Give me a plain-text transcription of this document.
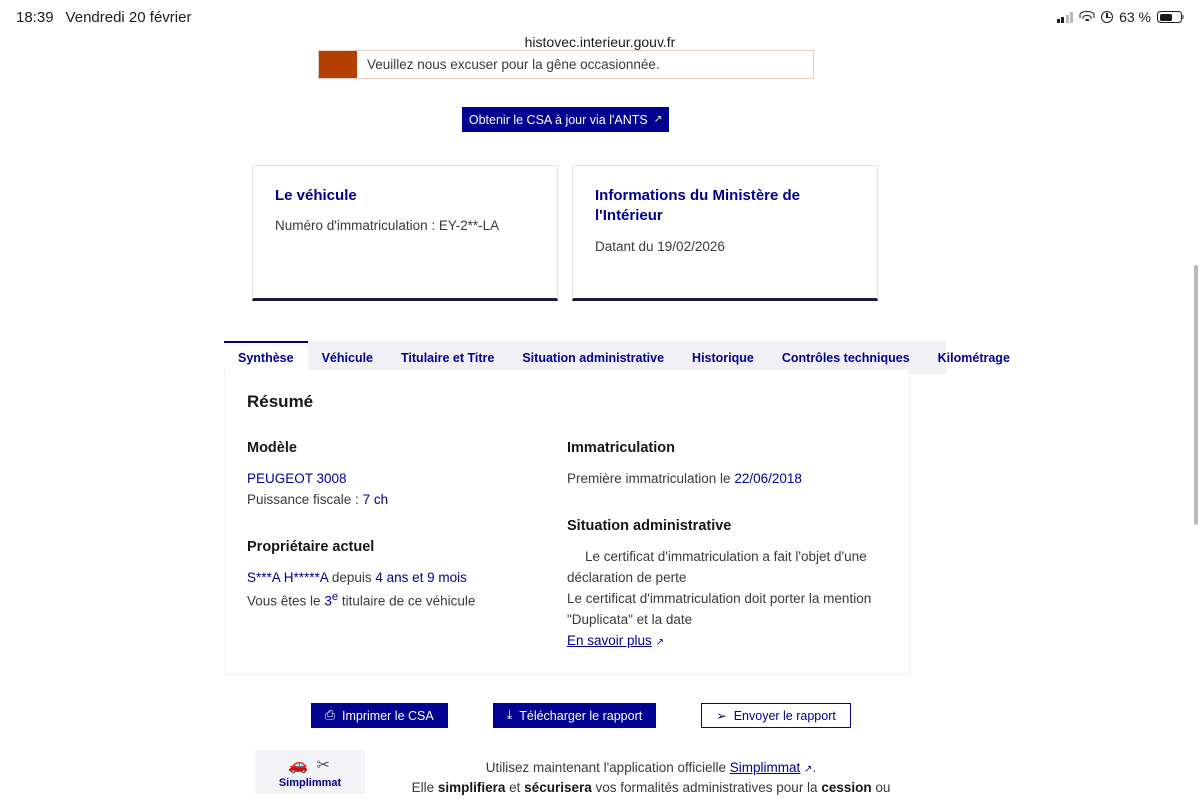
18:39 Vendredi 20 février	63 %
histovec.interieur.gouv.fr
Veuillez nous excuser pour la gêne occasionnée.
Obtenir le CSA à jour via l'ANTS ↗
Le véhicule

Numéro d'immatriculation : EY-2**-LA

Informations du Ministère de l'Intérieur

Datant du 19/02/2026

Synthèse	Véhicule	Titulaire et Titre	Situation administrative	Historique	Contrôles techniques	Kilométrage
Résumé
Modèle

PEUGEOT 3008

Puissance fiscale : 7 ch

Propriétaire actuel

S***A H*****A depuis 4 ans et 9 mois

Vous êtes le 3e titulaire de ce véhicule

Immatriculation

Première immatriculation le 22/06/2018

Situation administrative

Le certificat d'immatriculation a fait l'objet d'une déclaration de perte

Le certificat d'immatriculation doit porter la mention "Duplicata" et la date

En savoir plus ↗

⎙ Imprimer le CSA	⤓ Télécharger le rapport	➢ Envoyer le rapport
🚗 ✂
Simplimmat

Utilisez maintenant l'application officielle Simplimmat ↗.

Elle simplifiera et sécurisera vos formalités administratives pour la cession ou
